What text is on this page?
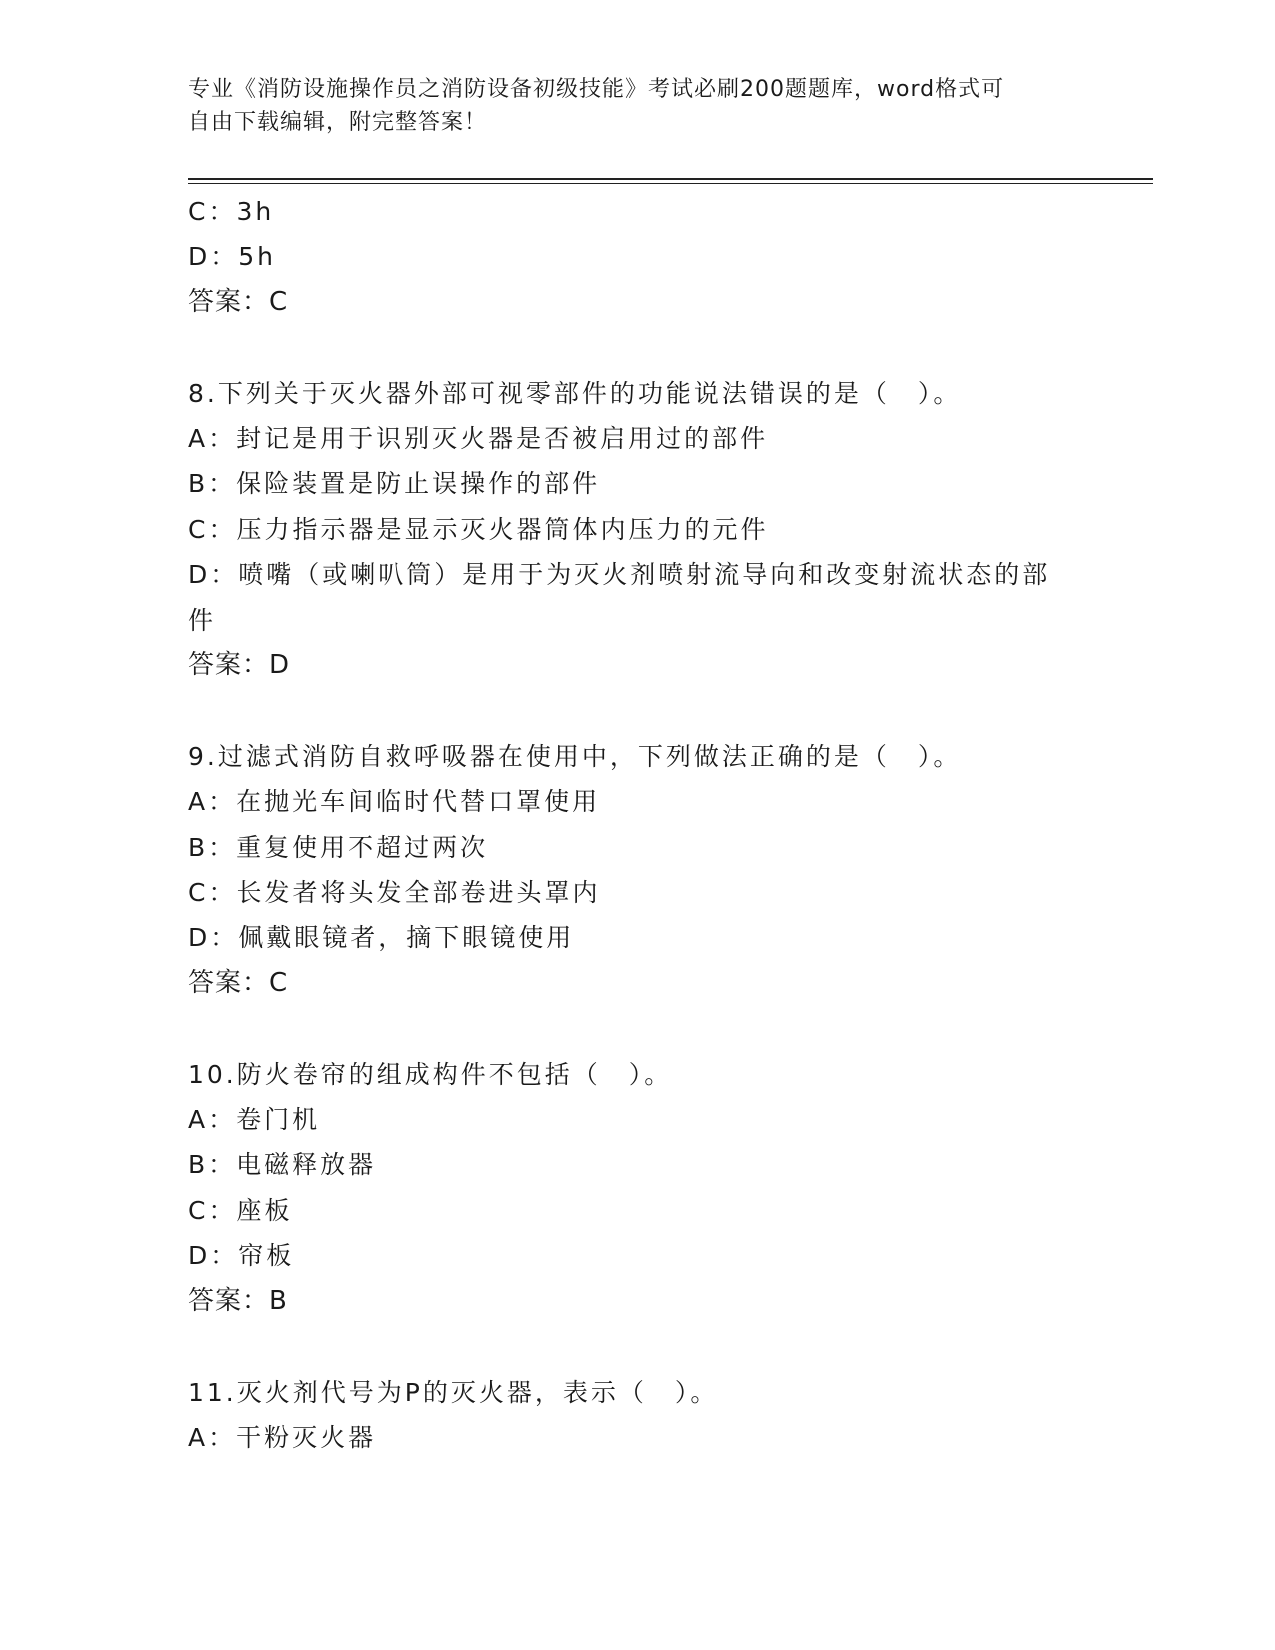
专业《消防设施操作员之消防设备初级技能》考试必刷200题题库，word格式可
自由下载编辑，附完整答案！
C：3h
D：5h
答案：C
8.下列关于灭火器外部可视零部件的功能说法错误的是（　）。
A：封记是用于识别灭火器是否被启用过的部件
B：保险装置是防止误操作的部件
C：压力指示器是显示灭火器筒体内压力的元件
D：喷嘴（或喇叭筒）是用于为灭火剂喷射流导向和改变射流状态的部件
答案：D
9.过滤式消防自救呼吸器在使用中，下列做法正确的是（　）。
A：在抛光车间临时代替口罩使用
B：重复使用不超过两次
C：长发者将头发全部卷进头罩内
D：佩戴眼镜者，摘下眼镜使用
答案：C
10.防火卷帘的组成构件不包括（　）。
A：卷门机
B：电磁释放器
C：座板
D：帘板
答案：B
11.灭火剂代号为P的灭火器，表示（　）。
A：干粉灭火器
